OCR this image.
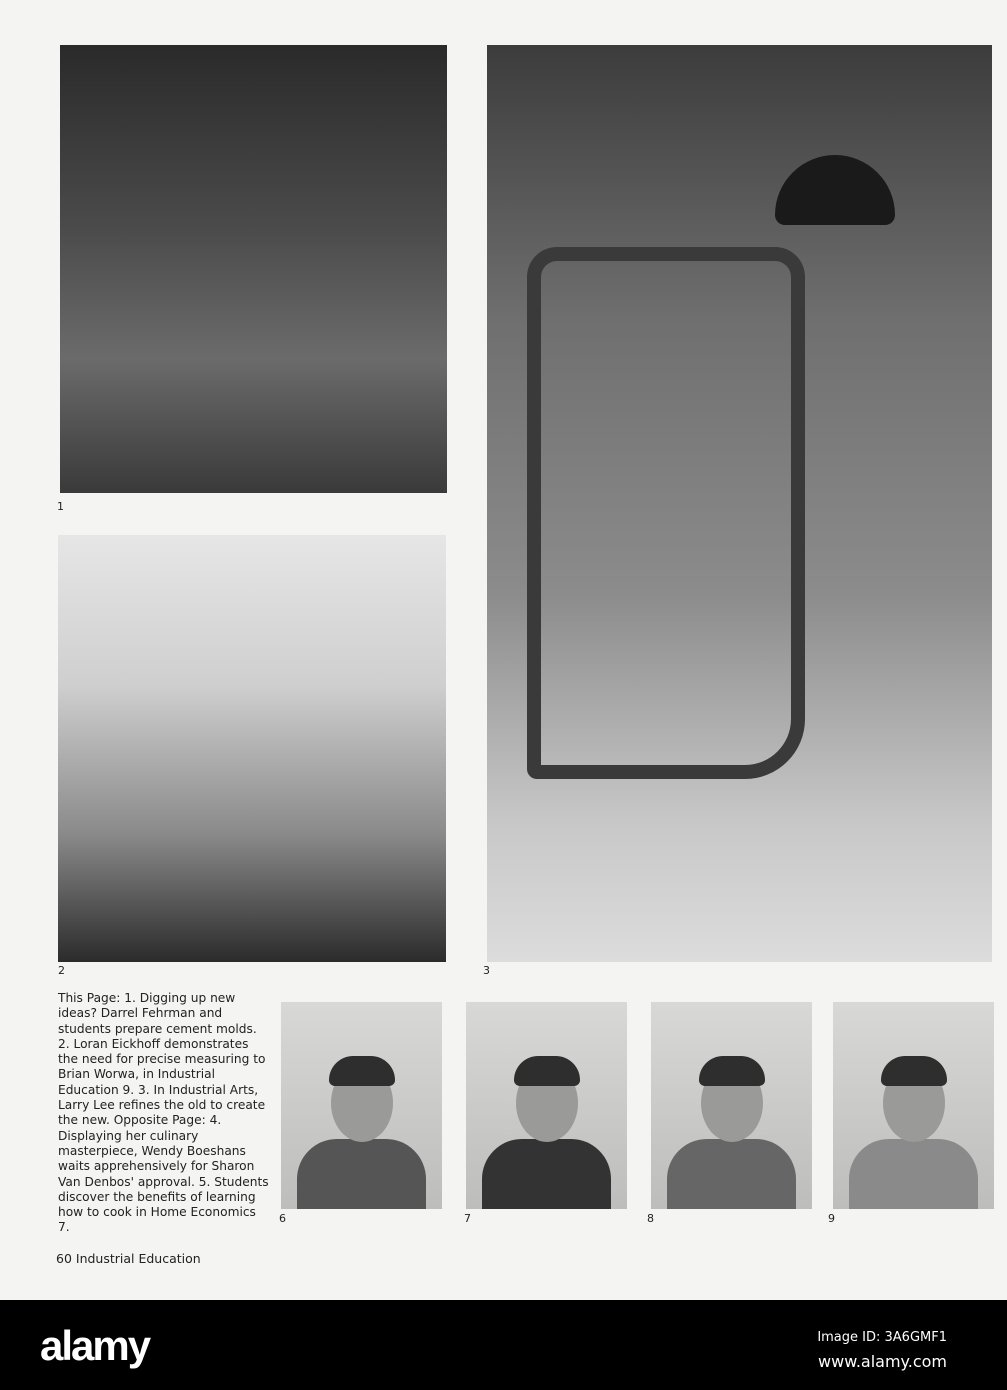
1
2	3
6	7	8	9
This Page: 1. Digging up new ideas? Darrel Fehrman and students prepare cement molds. 2. Loran Eickhoff demonstrates the need for precise measuring to Brian Worwa, in Industrial Education 9. 3. In Industrial Arts, Larry Lee refines the old to create the new. Opposite Page: 4. Displaying her culinary masterpiece, Wendy Boeshans waits apprehensively for Sharon Van Denbos' approval. 5. Students discover the benefits of learning how to cook in Home Economics 7.
60 Industrial Education
alamy	Image ID: 3A6GMF1
www.alamy.com
